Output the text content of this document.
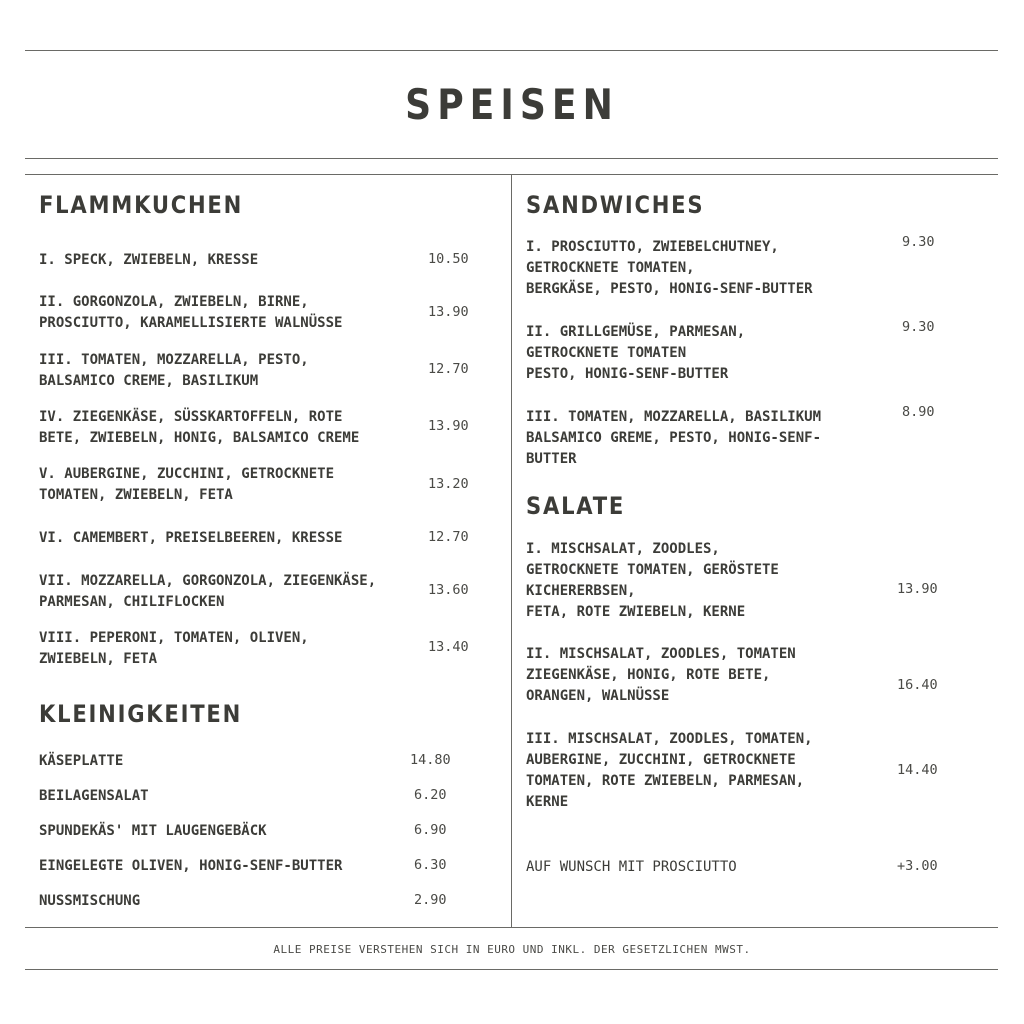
SPEISEN
FLAMMKUCHEN
I. SPECK, ZWIEBELN, KRESSE	10.50
II. GORGONZOLA, ZWIEBELN, BIRNE,
PROSCIUTTO, KARAMELLISIERTE WALNÜSSE
13.90
III. TOMATEN, MOZZARELLA, PESTO,
BALSAMICO CREME, BASILIKUM
12.70
IV. ZIEGENKÄSE, SÜSSKARTOFFELN, ROTE
BETE, ZWIEBELN, HONIG, BALSAMICO CREME
13.90
V. AUBERGINE, ZUCCHINI, GETROCKNETE
TOMATEN, ZWIEBELN, FETA
13.20
VI. CAMEMBERT, PREISELBEEREN, KRESSE	12.70
VII. MOZZARELLA, GORGONZOLA, ZIEGENKÄSE,
PARMESAN, CHILIFLOCKEN
13.60
VIII. PEPERONI, TOMATEN, OLIVEN,
ZWIEBELN, FETA
13.40
KLEINIGKEITEN
KÄSEPLATTE	14.80
BEILAGENSALAT	6.20
SPUNDEKÄS' MIT LAUGENGEBÄCK	6.90
EINGELEGTE OLIVEN, HONIG-SENF-BUTTER	6.30
NUSSMISCHUNG	2.90
SANDWICHES
I. PROSCIUTTO, ZWIEBELCHUTNEY,
GETROCKNETE TOMATEN,
BERGKÄSE, PESTO, HONIG-SENF-BUTTER
9.30
II. GRILLGEMÜSE, PARMESAN,
GETROCKNETE TOMATEN
PESTO, HONIG-SENF-BUTTER
9.30
III. TOMATEN, MOZZARELLA, BASILIKUM
BALSAMICO GREME, PESTO, HONIG-SENF-
BUTTER
8.90
SALATE
I. MISCHSALAT, ZOODLES,
GETROCKNETE TOMATEN, GERÖSTETE
KICHERERBSEN,
FETA, ROTE ZWIEBELN, KERNE
13.90
II. MISCHSALAT, ZOODLES, TOMATEN
ZIEGENKÄSE, HONIG, ROTE BETE,
ORANGEN, WALNÜSSE
16.40
III. MISCHSALAT, ZOODLES, TOMATEN,
AUBERGINE, ZUCCHINI, GETROCKNETE
TOMATEN, ROTE ZWIEBELN, PARMESAN,
KERNE
14.40
AUF WUNSCH MIT PROSCIUTTO	+3.00
ALLE PREISE VERSTEHEN SICH IN EURO UND INKL. DER GESETZLICHEN MWST.
